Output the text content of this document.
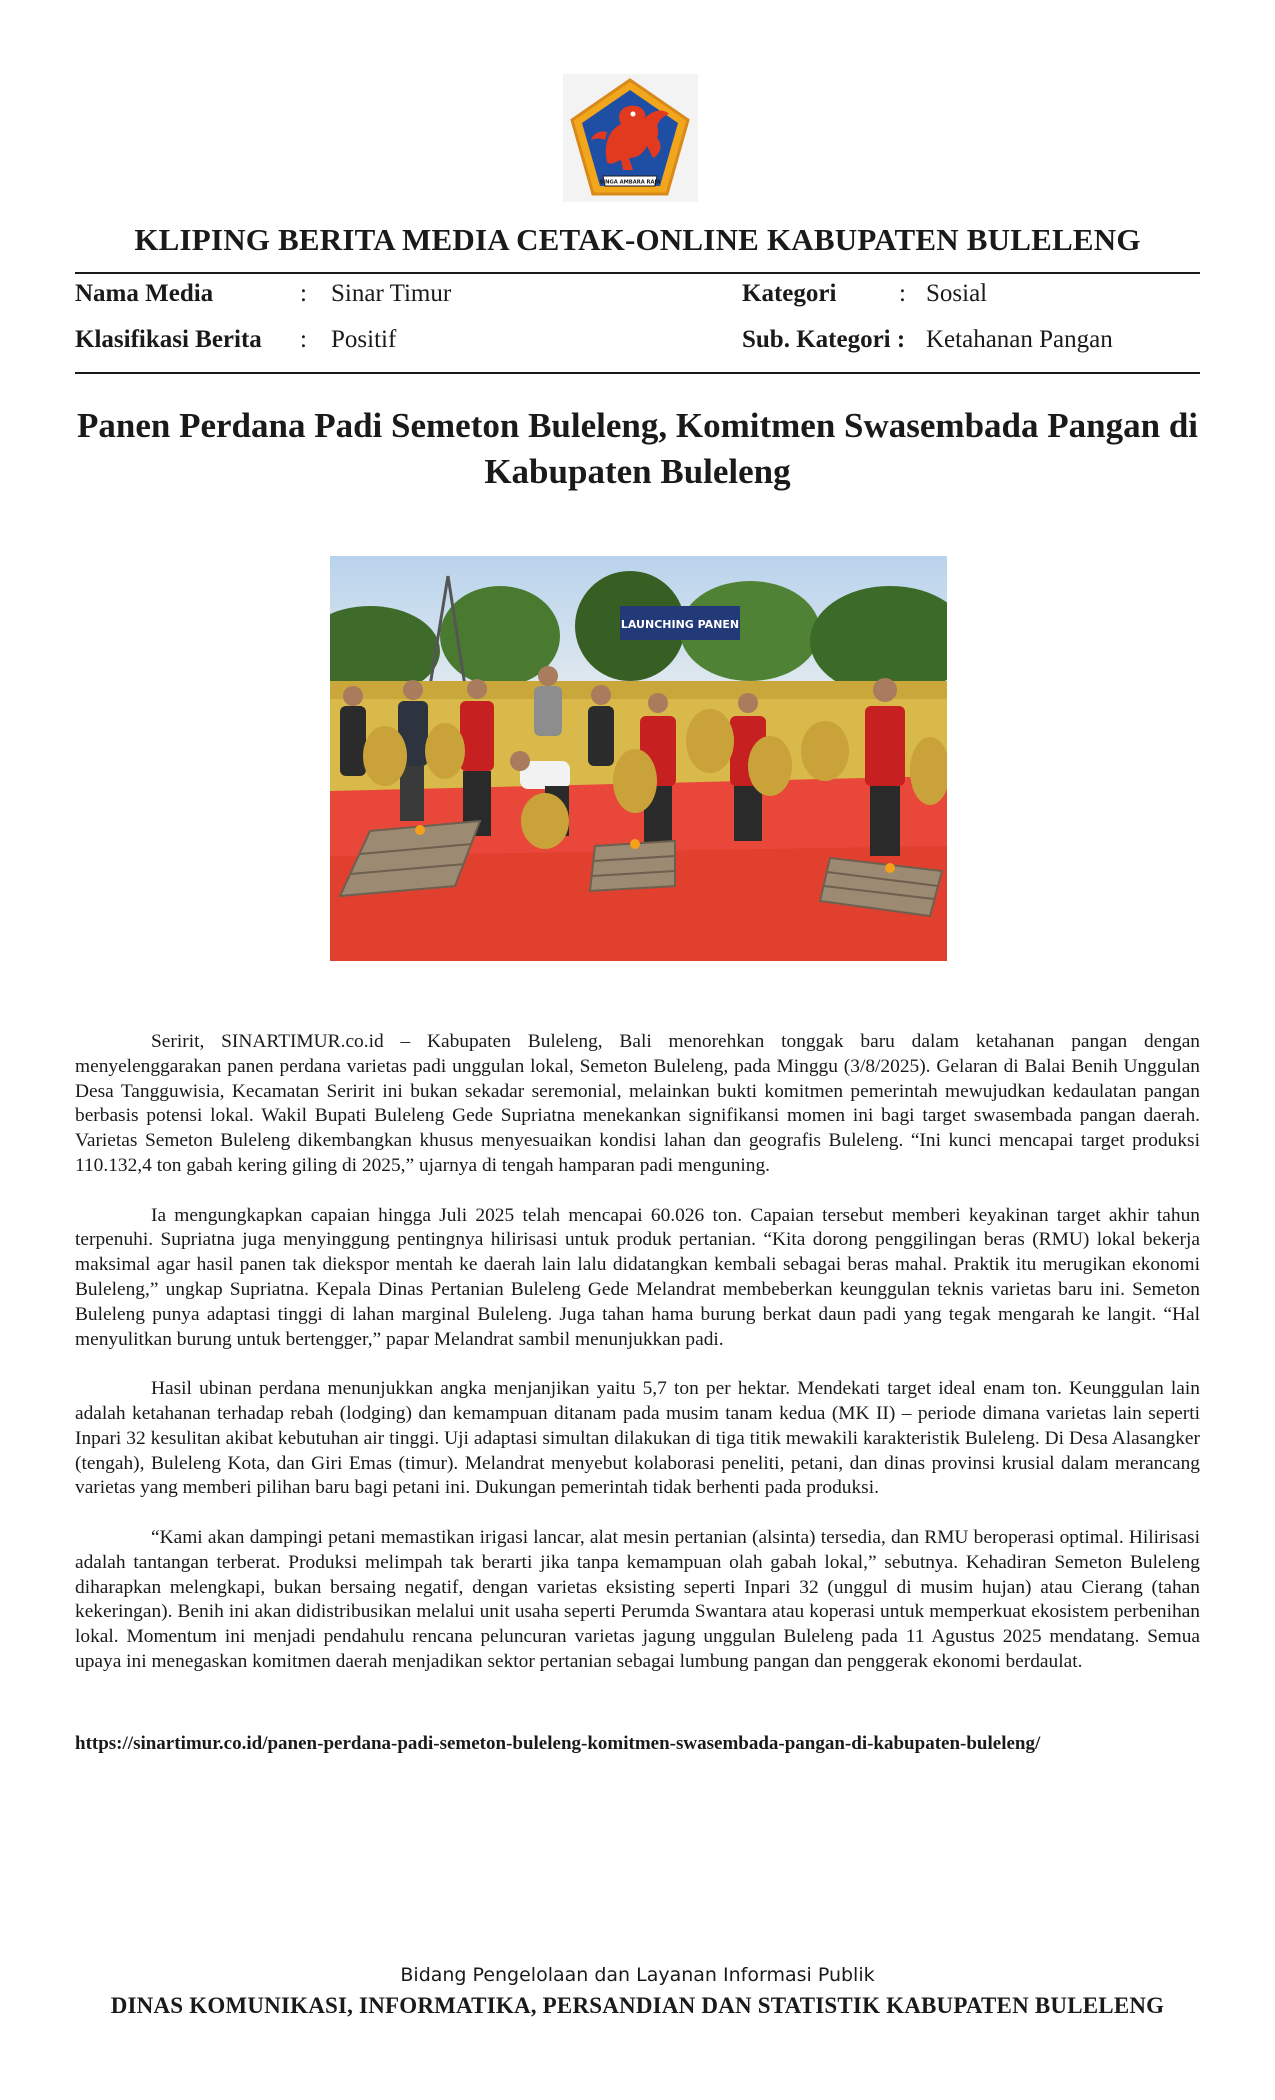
SINGA AMBARA RAJA
KLIPING BERITA MEDIA CETAK-ONLINE KABUPATEN BULELENG
Nama Media	: Sinar Timur	Kategori	: Sosial
Klasifikasi Berita : Positif	Sub. Kategori : Ketahanan Pangan
Panen Perdana Padi Semeton Buleleng, Komitmen Swasembada Pangan di Kabupaten Buleleng
LAUNCHING PANEN

Seririt, SINARTIMUR.co.id – Kabupaten Buleleng, Bali menorehkan tonggak baru dalam ketahanan pangan dengan menyelenggarakan panen perdana varietas padi unggulan lokal, Semeton Buleleng, pada Minggu (3/8/2025). Gelaran di Balai Benih Unggulan Desa Tangguwisia, Kecamatan Seririt ini bukan sekadar seremonial, melainkan bukti komitmen pemerintah mewujudkan kedaulatan pangan berbasis potensi lokal. Wakil Bupati Buleleng Gede Supriatna menekankan signifikansi momen ini bagi target swasembada pangan daerah. Varietas Semeton Buleleng dikembangkan khusus menyesuaikan kondisi lahan dan geografis Buleleng. “Ini kunci mencapai target produksi 110.132,4 ton gabah kering giling di 2025,” ujarnya di tengah hamparan padi menguning.

Ia mengungkapkan capaian hingga Juli 2025 telah mencapai 60.026 ton. Capaian tersebut memberi keyakinan target akhir tahun terpenuhi. Supriatna juga menyinggung pentingnya hilirisasi untuk produk pertanian. “Kita dorong penggilingan beras (RMU) lokal bekerja maksimal agar hasil panen tak diekspor mentah ke daerah lain lalu didatangkan kembali sebagai beras mahal. Praktik itu merugikan ekonomi Buleleng,” ungkap Supriatna. Kepala Dinas Pertanian Buleleng Gede Melandrat membeberkan keunggulan teknis varietas baru ini. Semeton Buleleng punya adaptasi tinggi di lahan marginal Buleleng. Juga tahan hama burung berkat daun padi yang tegak mengarah ke langit. “Hal menyulitkan burung untuk bertengger,” papar Melandrat sambil menunjukkan padi.

Hasil ubinan perdana menunjukkan angka menjanjikan yaitu 5,7 ton per hektar. Mendekati target ideal enam ton. Keunggulan lain adalah ketahanan terhadap rebah (lodging) dan kemampuan ditanam pada musim tanam kedua (MK II) – periode dimana varietas lain seperti Inpari 32 kesulitan akibat kebutuhan air tinggi. Uji adaptasi simultan dilakukan di tiga titik mewakili karakteristik Buleleng. Di Desa Alasangker (tengah), Buleleng Kota, dan Giri Emas (timur). Melandrat menyebut kolaborasi peneliti, petani, dan dinas provinsi krusial dalam merancang varietas yang memberi pilihan baru bagi petani ini. Dukungan pemerintah tidak berhenti pada produksi.

“Kami akan dampingi petani memastikan irigasi lancar, alat mesin pertanian (alsinta) tersedia, dan RMU beroperasi optimal. Hilirisasi adalah tantangan terberat. Produksi melimpah tak berarti jika tanpa kemampuan olah gabah lokal,” sebutnya. Kehadiran Semeton Buleleng diharapkan melengkapi, bukan bersaing negatif, dengan varietas eksisting seperti Inpari 32 (unggul di musim hujan) atau Cierang (tahan kekeringan). Benih ini akan didistribusikan melalui unit usaha seperti Perumda Swantara atau koperasi untuk memperkuat ekosistem perbenihan lokal. Momentum ini menjadi pendahulu rencana peluncuran varietas jagung unggulan Buleleng pada 11 Agustus 2025 mendatang. Semua upaya ini menegaskan komitmen daerah menjadikan sektor pertanian sebagai lumbung pangan dan penggerak ekonomi berdaulat.

https://sinartimur.co.id/panen-perdana-padi-semeton-buleleng-komitmen-swasembada-pangan-di-kabupaten-buleleng/
Bidang Pengelolaan dan Layanan Informasi Publik
DINAS KOMUNIKASI, INFORMATIKA, PERSANDIAN DAN STATISTIK KABUPATEN BULELENG
